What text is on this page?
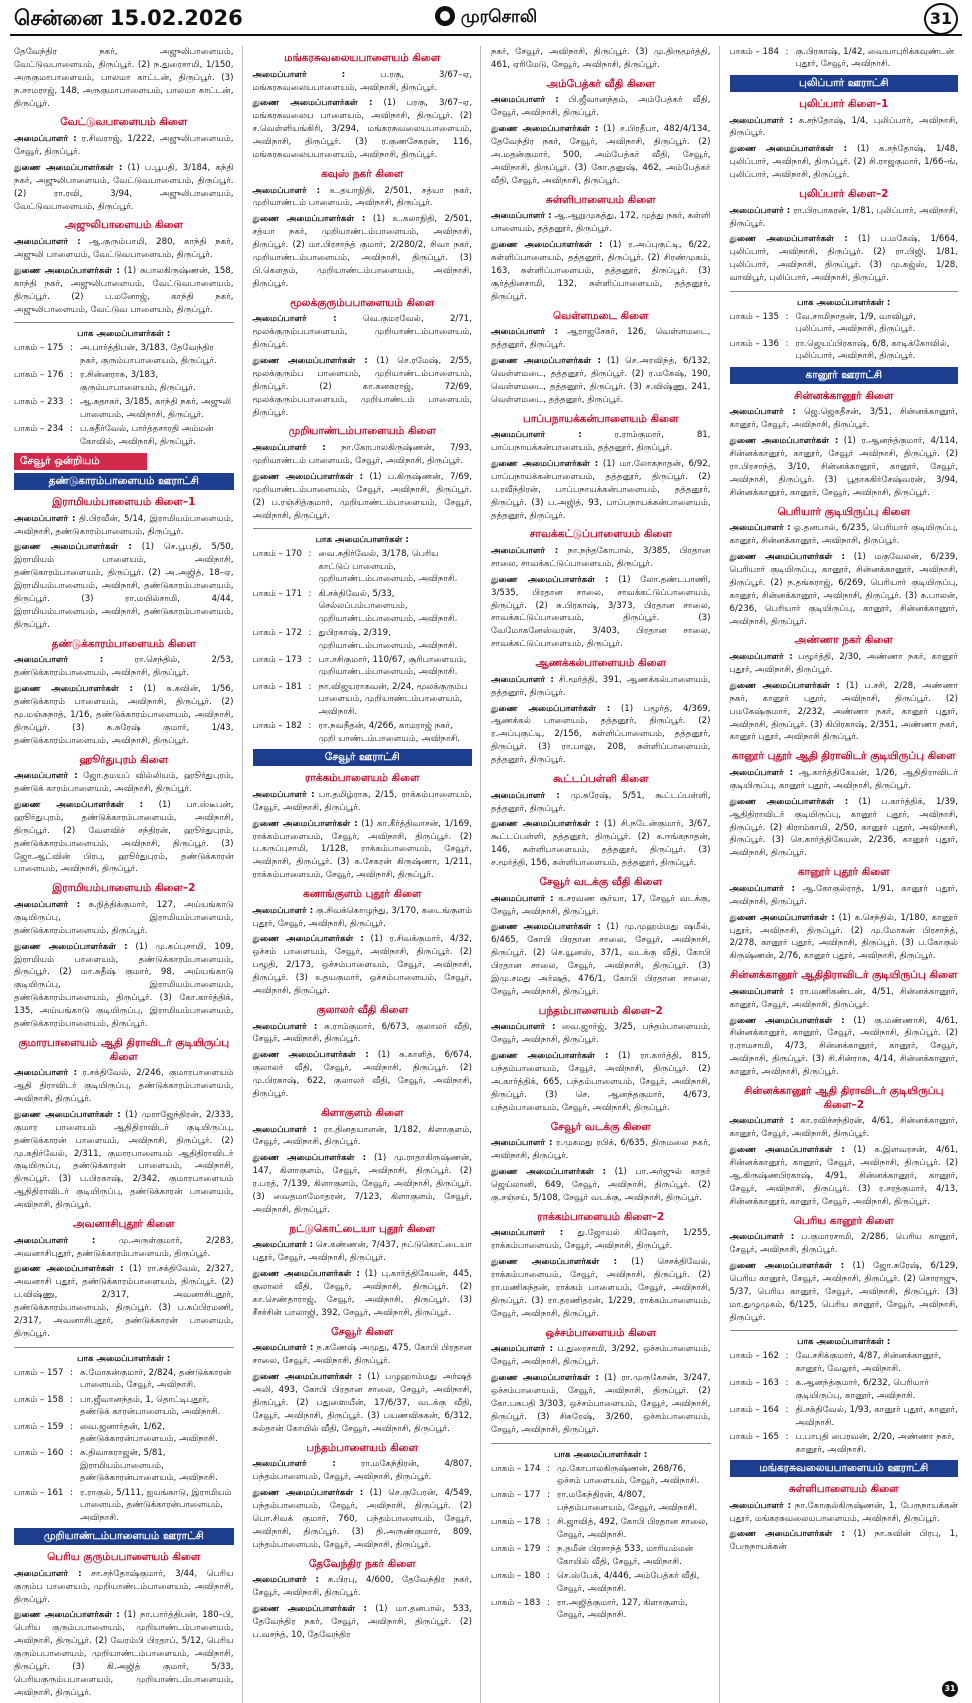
சென்னை 15.02.2026	முரசொலி	31
தேவேந்திர நகர், அஜுலிபாளையம், வேட்டுவபாளையம், திருப்பூர். (2) ந.துரைசாமி, 1/150, அருகுமாபாளையம், பாலமா காட்டன், திருப்பூர். (3) ந.சாமராஜ், 148, அருகுமாபாளையம், பாலமா காட்டன், திருப்பூர்.
வேட்டுவபாளையம் கிளை
அமைப்பாளர் : ர.சிவராஜ், 1/222, அஜுலிபாளையம், சேவூர், திருப்பூர்.
துணை அமைப்பாளர்கள் : (1) ப.பூபதி, 3/184, கந்தி நகர், அஜுலிபாளையம், வேட்டுவபாளையம், திருப்பூர். (2) ரா.ரவி, 3/94, அஜுலிபாளையம், வேட்டுவபாளையம், திருப்பூர்.
அஜுலிபாளையம் கிளை
அமைப்பாளர் : ஆ.குரும்பாமி, 280, காந்தி நகர், அஜுலி பாளையம், வேட்டுவபாளையம், திருப்பூர்.
துணை அமைப்பாளர்கள் : (1) சுபாலகிருஷ்ணன், 158, காந்தி நகர், அஜுலிபாளையம், வேட்டுவபாளையம், திருப்பூர். (2) ப.மனோஜ், காந்தி நகர், அஜுலிபாளையம், வேட்டுவ பாளையம், திருப்பூர்.
பாக அமைப்பாளர்கள் :
பாகம் – 175 : அ.பார்த்திபன், 3/183, தேவேந்திர நகர், குரும்பாபாளையம், திருப்பூர்.
பாகம் – 176 : ர.சின்னராசு, 3/183, குரும்பாபாளையம், திருப்பூர்.
பாகம் – 233 : ஆ.சுதாகர், 3/185, காந்தி நகர், அஜுலி பாளையம், அவிநாசி, திருப்பூர்.
பாகம் – 234 : ப.சுதீர்வேல், பார்த்தசாரதி அம்மன் கோவில், அவிநாசி, திருப்பூர்.
சேவூர் ஒன்றியம்
தண்டுகாரம்பாளையம் ஊராட்சி
இராமியம்பாளையம் கிளை–1
அமைப்பாளர் : தி.பிரவீன், 5/14, இராமியம்பாளையம், அவிநாசி, தண்டுகாரம்பாளையம், திருப்பூர்.
துணை அமைப்பாளர்கள் : (1) செ.பூபதி, 5/50, இராமியம் பாளையம், அவிநாசி, தண்டுகாரம்பாளையம், திருப்பூர். (2) அ.அஜித், 18–ஏ, இராமியம்பாளையம், அவிநாசி, தண்டுகாரம்பாளையம், திருப்பூர். (3) ரா.மயில்சாமி, 4/44, இராமியம்பாளையம், அவிநாசி, தண்டுகாரம்பாளையம், திருப்பூர்.
தண்டுக்காரம்பாளையம் கிளை
அமைப்பாளர் : ரா.செந்தில், 2/53, தண்டுக்காரம்பாளையம், அவிநாசி, திருப்பூர்.
துணை அமைப்பாளர்கள் : (1) சு.கவின், 1/56, தண்டுக்காரம் பாளையம், அவிநாசி, திருப்பூர். (2) மூ.மஞ்சுநாத், 1/16, தண்டுக்காரம்பாளையம், அவிநாசி, திருப்பூர். (3) சு.சுரேஷ் குமார், 1/43, தண்டுக்காரம்பாளையம், அவிநாசி, திருப்பூர்.
ஹூர்துபுரம் கிளை
அமைப்பாளர் : ஜோ.தமயப் வில்லியம், ஹூர்துபுரம், தண்டுக் காரம்பாளையம், அவிநாசி, திருப்பூர்.
துணை அமைப்பாளர்கள் : (1) பா.ஸ்டீபன், ஹூர்துபுரம், தண்டுக்காரம்பாளையம், அவிநாசி, திருப்பூர். (2) வேளவிச் சந்திரன், ஹூர்துபுரம், தண்டுக்காரம்பாளையம், அவிநாசி, திருப்பூர். (3) ஜோ.ஆட்வின் பிரபு, ஹூர்துபுரம், தண்டுக்காரன் பாளையம், அவிநாசி, திருப்பூர்.
இராமியம்பாளையம் கிளை–2
அமைப்பாளர் : சு.நித்திக்குமார், 127, அய்யங்காடு குடியிருப்பு, இராமியம்பாளையம், தண்டுக்காரம்பாளையம், திருப்பூர்.
துணை அமைப்பாளர்கள் : (1) மு.சுப்புசாமி, 109, இராமியம் பாளையம், தண்டுக்காரம்பாளையம், திருப்பூர். (2) மா.சுதீஷ் குமார், 98, அய்யங்காடு குடியிருப்பு, இராமியம்பாளையம், தண்டுக்காரம்பாளையம், திருப்பூர். (3) கோ.கார்த்திக், 135, அய்யங்காடு குடியிருப்பு, இராமியம்பாளையம், தண்டுக்காரம்பாளையம், திருப்பூர்.
குமாரபாளையம் ஆதி திராவிடர் குடியிருப்பு கிளை
அமைப்பாளர் : ர.சக்திவேல், 2/246, குமாரபாளையம் ஆதி திராவிடர் குடியிருப்பு, தண்டுக்காரம்பாளையம், அவிநாசி, திருப்பூர்.
துணை அமைப்பாளர்கள் : (1) முராஜேந்திரன், 2/333, குமார பாளையம் ஆதிதிராவிடர் குடியிருப்பு, தண்டுக்காரன் பாளையம், அவிநாசி, திருப்பூர். (2) மு.கதிர்வேல், 2/311, குமாரபாளையம் ஆதிதிராவிடர் குடியிருப்பு, தண்டுக்காரன் பாளையம், அவிநாசி, திருப்பூர். (3) ப.பிரகாஷ், 2/342, குமாரபாளையம் ஆதிதிராவிடர் குடியிருப்பு, தண்டுக்காரன் பாளையம், அவிநாசி, திருப்பூர்.
அவனாசிபுதூர் கிளை
அமைப்பாளர் : மு.அருள்குமார், 2/283, அவனாசிபுதூர், தண்டுக்காரம்பாளையம், திருப்பூர்.
துணை அமைப்பாளர்கள் : (1) ரா.சக்திவேல், 2/327, அவனாசி புதூர், தண்டுக்காரம்பாளையம், திருப்பூர். (2) ப.விஷ்ணு, 2/317, அவனாசிபுதூர், தண்டுக்காரம்பாளையம், திருப்பூர். (3) ப.சுப்பிரமணி, 2/317, அவனாசிபுதூர், தண்டுக்காரன் பாளையம், திருப்பூர்.
பாக அமைப்பாளர்கள் :
பாகம் – 157 : சு.மோகன்குமார், 2/824, தண்டுக்காரன் பாளையம், சேவூர், அவிநாசி.
பாகம் – 158 : பா.ஜீவானந்தம், 1, தொட்டிபுதூர், தண்டுக் காரன்பாளையம், அவிநாசி.
பாகம் – 159 : வை.ஜனார்தன், 1/62, தண்டுக்காரன்பாளையம், அவிநாசி.
பாகம் – 160 : சு.திவாகராஜன், 5/81, இராமியம்பாளையம், தண்டுக்காரன்பாளையம், அவிநாசி.
பாகம் – 161 : ர.ராகுல், 5/111, ஐயங்காடு, இராமியம் பாளையம், தண்டுக்காரன்பாளையம், அவிநாசி.
முறியாண்டம்பாளையம் ஊராட்சி
பெரிய குரும்பபாளையம் கிளை
அமைப்பாளர் : சா.சந்தோஷ்குமார், 3/44, பெரிய குரும்ப பாளையம், முறியாண்டம்பாளையம், அவிநாசி, திருப்பூர்.
துணை அமைப்பாளர்கள் : (1) நா.பார்த்திபன், 180–பி, பெரிய குரும்பபாளையம், முறியாண்டம்பாளையம், அவிநாசி, திருப்பூர். (2) வேரம்பி பிரதாப், 5/12, பெரிய குரும்பபாளையம், முறியாண்டம்பாளையம், அவிநாசி, திருப்பூர். (3) கி.அஜித் குமார், 5/33, பெரியகுரும்பபாளையம், முறியாண்டம்பாளையம், அவிநாசி, திருப்பூர்.
மங்கரசுவலையபாளையம் கிளை
அமைப்பாளர் : ப.ரகு, 3/67–ஏ, மங்கரசுவலையபாளையம், அவிநாசி, திருப்பூர்.
துணை அமைப்பாளர்கள் : (1) பரகு, 3/67–ஏ, மங்கரசுவலைய பாளையம், அவிநாசி, திருப்பூர். (2) ச.வெள்ளியங்கிரி, 3/294, மங்கரசுவலையபாளையம், அவிநாசி, திருப்பூர். (3) ர.குணசேகரன், 116, மங்கரசுவலையபாளையம், அவிநாசி, திருப்பூர்.
கவுஸ் நகர் கிளை
அமைப்பாளர் : உ.தயாநிதி, 2/501, சத்யா நகர், முறியாண்டம் பாளையம், அவிநாசி, திருப்பூர்.
துணை அமைப்பாளர்கள் : (1) உ.கலாநிதி, 2/501, சத்யா நகர், முறியாண்டம்பாளையம், அவிநாசி, திருப்பூர். (2) மா.பிரசாந்த் குமார், 2/280/2, சிவா நகர், முறியாண்டம்பாளையம், அவிநாசி, திருப்பூர். (3) பி.கௌதம், முறியாண்டம்பாளையம், அவிநாசி, திருப்பூர்.
மூலக்குரும்பபாளையம் கிளை
அமைப்பாளர் : வெ.குமரவேல், 2/71, மூலக்குரும்பபாளையம், முறியாண்டம்பாளையம், திருப்பூர்.
துணை அமைப்பாளர்கள் : (1) செ.ரமேஷ், 2/55, மூலக்குரும்ப பாளையம், முறியாண்டம்பாளையம், திருப்பூர். (2) கா.கனகராஜ், 72/69, மூலக்குரும்பபாளையம், முறியாண்டம் பாளையம், திருப்பூர்.
முறியாண்டம்பாளையம் கிளை
அமைப்பாளர் : நா.கோபாலகிருஷ்ணன், 7/93, முறியாண்டம் பாளையம், சேவூர், அவிநாசி, திருப்பூர்.
துணை அமைப்பாளர்கள் : (1) ப.கிருஷ்ணன், 7/69, முறியாண்டம்பாளையம், சேவூர், அவிநாசி, திருப்பூர். (2) ப.ரஞ்சித்குமார், முறியாண்டம்பாளையம், சேவூர், அவிநாசி, திருப்பூர்.
பாக அமைப்பாளர்கள் :
பாகம் – 170 : வை.சுதிர்வேல், 3/178, பெரிய காட்டுப் பாளையம், முறியாண்டம்பாளையம், அவிநாசி.
பாகம் – 171 : கி.சக்திவேல், 5/33, செல்லப்பம்பாளையம், முறியாண்டம்பாளையம், அவிநாசி.
பாகம் – 172 : துபிரகாஷ், 2/319, முறியாண்டம்பாளையம், அவிநாசி.
பாகம் – 173 : பா.சசிகுமார், 110/67, சூரிபாளையம், முறியாண்டம்பாளையம், அவிநாசி.
பாகம் – 181 : நா.விஜயராகவன், 2/24, மூலக்குரும்ப பாளையம், முறியாண்டம்பாளையம், அவிநாசி.
பாகம் – 182 : ரா.நவநீதன், 4/266, காமராஜ் நகர், முறி யாண்டம்பாளையம், அவிநாசி.
சேவூர் ஊராட்சி
ராக்கம்பாளையம் கிளை
அமைப்பாளர் : பா.தமிழ்ராசு, 2/15, ராக்கம்பாளையம், சேவூர், அவிநாசி, திருப்பூர்.
துணை அமைப்பாளர்கள் : (1) கா.கீர்த்திவாசன், 1/169, ராக்கம்பாளையம், சேவூர், அவிநாசி, திருப்பூர். (2) ப.கருப்புசாமி, 1/128, ராக்கம்பாளையம், சேவூர், அவிநாசி, திருப்பூர். (3) க.சேகரன் கிருஷ்ணா, 1/211, ராக்கம்பாளையம், சேவூர், அவிநாசி, திருப்பூர்.
கனாங்குளம் புதூர் கிளை
அமைப்பாளர் : கு.சிவக்கொழுந்து, 3/170, கடைங்குளம் புதூர், சேவூர், அவிநாசி, திருப்பூர்.
துணை அமைப்பாளர்கள் : (1) ர.சிவக்குமார், 4/32, ஒச்சம் பாளையம், சேவூர், அவிநாசி, திருப்பூர். (2) பழூதி, 2/173, ஒச்சம்பாளையம், சேவூர், அவிநாசி, திருப்பூர். (3) உதயகுமார், ஒச்சம்பாளையம், சேவூர், அவிநாசி, திருப்பூர்.
குலாலர் வீதி கிளை
அமைப்பாளர் : சு.ராம்குமார், 6/673, குலாலர் வீதி, சேவூர், அவிநாசி, திருப்பூர்.
துணை அமைப்பாளர்கள் : (1) சு.காளித், 6/674, குலாலர் வீதி, சேவூர், அவிநாசி, திருப்பூர். (2) மு.பிரகாஷ், 622, குலாலர் வீதி, சேவூர், அவிநாசி, திருப்பூர்.
கிளாகுளம் கிளை
அமைப்பாளர் : ரா.தினதயாளன், 1/182, கிளாகுளம், சேவூர், அவிநாசி, திருப்பூர்.
துணை அமைப்பாளர்கள் : (1) மு.ராதாகிருஷ்ணன், 147, கிளாகுளம், சேவூர், அவிநாசி, திருப்பூர். (2) ர.பரத், 7/139, கிளாகுளம், சேவூர், அவிநாசி, திருப்பூர். (3) வைதமாமோதரன், 7/123, கிளாகுளம், சேவூர், அவிநாசி, திருப்பூர்.
நட்டுகொட்டையா புதூர் கிளை
அமைப்பாளர் : செ.கண்ணன், 7/437, நட்டுகொட்டையா புதூர், சேவூர், அவிநாசி, திருப்பூர்.
துணை அமைப்பாளர்கள் : (1) பு.கார்த்திகேயன், 445, குலாலர் வீதி, சேவூர், அவிநாசி, திருப்பூர். (2) கா.செண்தாராஜ், சேவூர், அவிநாசி, திருப்பூர். (3) சீசச்சின் பாலாஜி, 392, சேவூர், அவிநாசி, திருப்பூர்.
சேவூர் கிளை
அமைப்பாளர் : ந.கணேஷ் அமுது, 475, கோபி பிரதான சாலை, சேவூர், அவிநாசி, திருப்பூர்.
துணை அமைப்பாளர்கள் : (1) பழுஹாம்மது அர்ஷத் அலி, 493, கோபி பிரதான சாலை, சேவூர், அவிநாசி, திருப்பூர். (2) பதுஸையீன், 17/6/37, வடக்கு வீதி, சேவூர், அவிநாசி, திருப்பூர். (3) பயணவிசுகன், 6/312, சுல்தான் கோயில் வீதி, சேவூர், அவிநாசி, திருப்பூர்.
பந்தம்பாளையம் கிளை
அமைப்பாளர் : ரா.மகேந்திரன், 4/807, பந்தம்பாளையம், சேவூர், அவிநாசி, திருப்பூர்.
துணை அமைப்பாளர்கள் : (1) செ.குபேரன், 4/549, பந்தம்பாளையம், சேவூர், அவிநாசி, திருப்பூர். (2) பொ.சிவக் குமார், 760, பந்தம்பாளையம், சேவூர், அவிநாசி, திருப்பூர். (3) தி.அருண்குமார், 809, பந்தம்பாளையம், சேவூர், அவிநாசி, திருப்பூர்.
தேவேந்திர நகர் கிளை
அமைப்பாளர் : சு.பிரபு, 4/600, தேவேந்திர நகர், சேவூர், அவிநாசி, திருப்பூர்.
துணை அமைப்பாளர்கள் : (1) மா.தனபால், 533, தேவேந்திர நகர், சேவூர், அவிநாசி, திருப்பூர். (2) ப.வசந்த், 10, தேவேந்திர
நகர், சேவூர், அவிநாசி, திருப்பூர். (3) மு.திருமூர்த்தி, 461, ஏரிமேடு, சேவூர், அவிநாசி, திருப்பூர்.
அம்பேத்கர் வீதி கிளை
அமைப்பாளர் : பி.ஜீவானந்தம், அம்பேத்கர் வீதி, சேவூர், அவிநாசி, திருப்பூர்.
துணை அமைப்பாளர்கள் : (1) ச.பிரதீபா, 482/4/134, தேவேந்திர நகர், சேவூர், அவிநாசி, திருப்பூர். (2) அ.மதன்குமார், 500, அம்பேத்கர் வீதி, சேவூர், அவிநாசி, திருப்பூர். (3) கோ.தனுஷ், 462, அம்பேத்கர் வீதி, சேவூர், அவிநாசி, திருப்பூர்.
சுள்ளிபாளையம் கிளை
அமைப்பாளர் : ஆ.ஆறுமுகத்து, 172, முத்து நகர், சுள்ளி பாளையம், தத்தனூர், திருப்பூர்.
துணை அமைப்பாளர்கள் : (1) ர.அப்புகுட்டி, 6/22, சுள்ளிப்பாளையம், தத்தனூர், திருப்பூர். (2) சிரண்முகம், 163, சுள்ளிப்பாளையம், தத்தனூர், திருப்பூர். (3) சூர்த்தினசாமி, 132, சுள்ளிப்பாளையம், தத்தனூர், திருப்பூர்.
வெள்ளமடை கிளை
அமைப்பாளர் : ஆராஜசேகர், 126, வெள்ளமடை, தத்தனூர், திருப்பூர்.
துணை அமைப்பாளர்கள் : (1) செ.அரவிந்த், 6/132, வெள்ளமடை, தத்தனூர், திருப்பூர். (2) ர.மகேஷ், 190, வெள்ளமடை, தத்தனூர், திருப்பூர். (3) ச.விஷ்ணு, 241, வெள்ளமடை, தத்தனூர், திருப்பூர்.
பாப்பநாயக்கன்பாளையம் கிளை
அமைப்பாளர் : ர.ராம்குமார், 81, பாப்பநாயக்கன்பாளையம், தத்தனூர், திருப்பூர்.
துணை அமைப்பாளர்கள் : (1) மா.லோகநாதன், 6/92, பாப்பநாயக்கன்பாளையம், தத்தனூர், திருப்பூர். (2) ப.ரவீந்திரன், பாப்பநாயக்கன்பாளையம், தத்தனூர், திருப்பூர். (3) ப.அஜித், 93, பாப்பநாயக்கன்பாளையம், தத்தனூர், திருப்பூர்.
சாவக்கட்டுப்பாளையம் கிளை
அமைப்பாளர் : நா.நந்தகோபால், 3/385, பிரதான சாலை, சாவக்கட்டுப்பாளையம், திருப்பூர்.
துணை அமைப்பாளர்கள் : (1) லோ.தண்டபாணி, 3/535, பிரதான சாலை, சாவக்கட்டுப்பாளையம், திருப்பூர். (2) சு.பிரகாஷ், 3/373, பிரதான சாலை, சாவக்கட்டுப்பாளையம், திருப்பூர். (3) வேமோகனேஸ்வரன், 3/403, பிரதான சாலை, சாவக்கட்டுப்பாளையம், திருப்பூர்.
ஆணக்கல்பாளையம் கிளை
அமைப்பாளர் : சி.மூர்த்தி, 391, ஆணக்கல்பாளையம், தத்தனூர், திருப்பூர்.
துணை அமைப்பாளர்கள் : (1) பழூர்த், 4/369, ஆணக்கல் பாளையம், தத்தனூர், திருப்பூர். (2) ர.அப்புகுட்டி, 2/156, சுள்ளிப்பாளையம், தத்தனூர், திருப்பூர். (3) ரா.பாலு, 208, சுள்ளிப்பாளையம், தத்தனூர், திருப்பூர்.
கூட்டப்பள்ளி கிளை
அமைப்பாளர் : மு.சுரேஷ், 5/51, கூட்டப்பள்ளி, தத்தனூர், திருப்பூர்.
துணை அமைப்பாளர்கள் : (1) சி.நடேன்குமார், 3/67, கூட்டப்பள்ளி, தத்தனூர், திருப்பூர். (2) க.ஈங்கநாதன், 146, சுள்ளிபாளையம், தத்தனூர், திருப்பூர். (3) ச.மூர்த்தி, 156, சுள்ளிபாளையம், தத்தனூர், திருப்பூர்.
சேவூர் வடக்கு வீதி கிளை
அமைப்பாளர் : க.சரவண சூர்யா, 17, சேவூர் வடக்கு, சேவூர், அவிநாசி, திருப்பூர்.
துணை அமைப்பாளர்கள் : (1) மு.முஹம்மது ஷமீல், 6/465, கோபி பிரதான சாலை, சேவூர், அவிநாசி, திருப்பூர். (2) செ.யூனஸ், 37/1, வடக்கு வீதி, கோபி பிரதான சாலை, சேவூர், அவிநாசி, திருப்பூர். (3) இமு.சமது அர்ஷத், 476/1, கோபி பிரதான சாலை, சேவூர், அவிநாசி, திருப்பூர்.
பந்தம்பாளையம் கிளை–2
அமைப்பாளர் : வை.ஜார்ஜ், 3/25, பந்தம்பாளையம், சேவூர், அவிநாசி, திருப்பூர்.
துணை அமைப்பாளர்கள் : (1) ரா.கார்த்தி, 815, பந்தம்பாளையம், சேவூர், அவிநாசி, திருப்பூர். (2) அ.கார்த்திக், 665, பந்தம்பாளையம், சேவூர், அவிநாசி, திருப்பூர். (3) செ. ஆனந்தகுமார், 4/673, பந்தம்பாளையம், சேவூர், அவிநாசி, திருப்பூர்.
சேவூர் வடக்கு கிளை
அமைப்பாளர் : ர.முகமது ரபிக், 6/635, திருமலை நகர், அவிநாசி, திருப்பூர்.
துணை அமைப்பாளர்கள் : (1) பா.அர்ஜுல் காதர் ஜெய்லானி, 649, சேவூர், அவிநாசி, திருப்பூர். (2) கு.சஞ்சய், 5/108, சேவூர் வடக்கு, அவிநாசி, திருப்பூர்.
ராக்கம்பாளையம் கிளை–2
அமைப்பாளர் : து.ஜோயல் கிஷோர், 1/255, ராக்கம்பாளையம், சேவூர், அவிநாசி, திருப்பூர்.
துணை அமைப்பாளர்கள் : (1) செசக்திவேல், ராக்கம்பாளையம், சேவூர், அவிநாசி, திருப்பூர். (2) ரா.மணிகந்தன், ராக்கம் பாளையம், சேவூர், அவிநாசி, திருப்பூர். (3) ரா.தரணிதரன், 1/229, ராக்கம்பாளையம், சேவூர், அவிநாசி, திருப்பூர்.
ஒச்சம்பாளையம் கிளை
அமைப்பாளர் : ப.துரைசாமி, 3/292, ஒச்சம்பாளையம், சேவூர், அவிநாசி, திருப்பூர்.
துணை அமைப்பாளர்கள் : (1) ரா.முருகேசன், 3/247, ஒச்சம்பாளையம், சேவூர், அவிநாசி, திருப்பூர். (2) கோ.பசுபதி 3/303, ஒச்சம்பாளையம், சேவூர், அவிநாசி, திருப்பூர். (3) சிசுரேஷ், 3/260, ஒச்சம்பாளையம், சேவூர், அவிநாசி, திருப்பூர்.
பாக அமைப்பாளர்கள் :
பாகம் – 174 : மு.கோபாலகிருஷ்ணன், 268/76, ஒச்சம் பாளையம், சேவூர், அவிநாசி.
பாகம் – 177 : ரா.மகேந்திரன், 4/807, பந்தம்பாளையம், சேவூர், அவிநாசி.
பாகம் – 178 : சி.ஜாவித், 492, கோபி பிரதான சாலை, சேவூர், அவிநாசி.
பாகம் – 179 : ந.தமீன் பிரசாந்த் 533, மாரியம்மன் கோயில் வீதி, சேவூர், அவிநாசி.
பாகம் – 180 : செ.ஸ்பேக், 4/446, அம்பேத்கர் வீதி, சேவூர், அவிநாசி.
பாகம் – 183 : ரா.அஜித்குமார், 127, கிளாகுளம், சேவூர், அவிநாசி.
பாகம் – 184 : கு.பிரகாஷ், 1/42, வையாபுரிக்கவுண்டன் புதூர், சேவூர், அவிநாசி.
புலிப்பார் ஊராட்சி
புலிப்பார் கிளை–1
அமைப்பாளர் : க.சந்தோஷ், 1/4, புலிப்பார், அவிநாசி, திருப்பூர்.
துணை அமைப்பாளர்கள் : (1) க.சந்தோஷ், 1/48, புலிப்பார், அவிநாசி, திருப்பூர். (2) சி.ராஜகுமார், 1/66–ங், புலிப்பார், அவிநாசி, திருப்பூர்.
புலிப்பார் கிளை–2
அமைப்பாளர் : ரா.பிரபாகரன், 1/81, புலிப்பார், அவிநாசி, திருப்பூர்.
துணை அமைப்பாளர்கள் : (1) ப.மகேஷ், 1/664, புலிப்பார், அவிநாசி, திருப்பூர். (2) ரா.பிஜி, 1/81, புலிப்பார், அவிநாசி, திருப்பூர். (3) மு.கஜ்ஸ், 1/28, வாவிபூர், புலிப்பார், அவிநாசி, திருப்பூர்.
பாக அமைப்பாளர்கள் :
பாகம் – 135 : வே.சாமிநாதன், 1/9, வாவிபூர், புலிப்பார், அவிநாசி, திருப்பூர்.
பாகம் – 136 : ரா.ஜெயப்பிரகாஷ், 6/8, காடிக்கோவில், புலிப்பார், அவிநாசி, திருப்பூர்.
கானூர் ஊராட்சி
சின்னக்கானூர் கிளை
அமைப்பாளர் : ஜெ.ஜெகதீசன், 3/51, சின்னக்கானூர், கானூர், சேவூர், அவிநாசி, திருப்பூர்.
துணை அமைப்பாளர்கள் : (1) ர.ஆனந்த்குமார், 4/114, சின்னக்கானூர், கானூர், சேவூர் அவிநாசி, திருப்பூர். (2) ரா.பிரசாந்த், 3/10, சின்னக்கானூர், கானூர், சேவூர், அவிநாசி, திருப்பூர். (3) பூதாசுகிர்சேஷ்வரன், 3/94, சின்னக்கானூர், கானூர், சேவூர், அவிநாசி, திருப்பூர்.
பெரியார் குடியிருப்பு கிளை
அமைப்பாளர் : ஓ.தனபால், 6/235, பெரியார் குடியிருப்பு, கானூர், சின்னக்கானூர், அவிநாசி, திருப்பூர்.
துணை அமைப்பாளர்கள் : (1) மகுவேலன், 6/239, பெரியார் குடியிருப்பு, கானூர், சின்னக்கானூர், அவிநாசி, திருப்பூர். (2) ந.தங்கராஜ், 6/269, பெரியார் குடியிருப்பு, கானூர், சின்னக்கானூர், அவிநாசி, திருப்பூர். (3) சு.பாலன், 6/236, பெரியார் குடியிருப்பு, கானூர், சின்னக்கானூர், அவிநாசி, திருப்பூர்.
அண்ணா நகர் கிளை
அமைப்பாளர் : பழூர்த்தி, 2/30, அண்ணா நகர், கானூர் புதூர், அவிநாசி, திருப்பூர்.
துணை அமைப்பாளர்கள் : (1) ப.சசி, 2/28, அண்ணா நகர், கானூர் புதூர், அவிநாசி, திருப்பூர். (2) பமகேஷ்குமார், 2/232, அண்ணா நகர், கானூர் புதூர், அவிநாசி, திருப்பூர். (3) கிபிரகாஷ், 2/351, அண்ணா நகர், கானூர் புதூர், அவிநாசி திருப்பூர்.
கானூர் புதூர் ஆதி திராவிடர் குடியிருப்பு கிளை
அமைப்பாளர் : ஆ.கார்த்திகேயன், 1/26, ஆதிதிராவிடர் குடியிருப்பு, கானூர் புதூர், அவிநாசி, திருப்பூர்.
துணை அமைப்பாளர்கள் : (1) ப.கார்த்திக், 1/39, ஆதிதிராவிடர் குடியிருப்பு, கானூர் புதூர், அவிநாசி, திருப்பூர். (2) கிராம்காமி, 2/50, கானூர் புதூர், அவிநாசி, திருப்பூர். (3) செ.கார்த்திகேயன், 2/236, கானூர் புதூர், அவிநாசி, திருப்பூர்.
கானூர் புதூர் கிளை
அமைப்பாளர் : ஆ.கோகுல்ராத், 1/91, கானூர் புதூர், அவிநாசி, திருப்பூர்.
துணை அமைப்பாளர்கள் : (1) க.செந்தில், 1/180, கானூர் புதூர், அவிநாசி, திருப்பூர். (2) மு.மோகன் பிரசாந்த், 2/278, கானூர் புதூர், அவிநாசி, திருப்பூர். (3) ப.கோகுல் கிருஷ்ணன், 2/76, கானூர் புதூர், அவிநாசி, திருப்பூர்.
சின்னக்கானூர் ஆதிதிராவிடர் குடியிருப்பு கிளை
அமைப்பாளர் : ரா.மணிகண்டன், 4/51, சின்னக்கானூர், கானூர், சேவூர், அவிநாசி, திருப்பூர்.
துணை அமைப்பாளர்கள் : (1) கு.மண்ணாசி, 4/61, சின்னக்கானூர், கானூர், சேவூர், அவிநாசி, திருப்பூர். (2) ர.ராமசாமி, 4/73, சின்னக்கானூர், கானூர், சேவூர், அவிநாசி, திருப்பூர். (3) சி.சின்ராசு, 4/14, சின்னக்கானூர், கானூர், அவிநாசி, திருப்பூர்.
சின்னக்கானூர் ஆதி திராவிடர் குடியிருப்பு கிளை–2
அமைப்பாளர் : கா.ரவிச்சந்திரன், 4/61, சின்னக்கானூர், கானூர், சேவூர், அவிநாசி, திருப்பூர்.
துணை அமைப்பாளர்கள் : (1) க.இளவரசன், 4/61, சின்னக்கானூர், கானூர், சேவூர், அவிநாசி, திருப்பூர். (2) ஆ.கிருஷ்ணபிரகாஷ், 4/91, சின்னக்கானூர், கானூர், சேவூர், அவிநாசி, திருப்பூர். (3) ர.சரத்குமார், 4/13, சின்னக்கானூர், கானூர், சேவூர், அவிநாசி, திருப்பூர்.
பெரிய கானூர் கிளை
அமைப்பாளர் : ப.குமாரசாமி, 2/286, பெரிய கானூர், சேவூர், அவிநாசி, திருப்பூர்.
துணை அமைப்பாளர்கள் : (1) ஜோ.சுரேஷ், 6/129, பெரிய கானூர், சேவூர், அவிநாசி, திருப்பூர். (2) சொராஜு, 5/37, பெரிய கானூர், சேவூர், அவிநாசி, திருப்பூர். (3) மா.துழுமுகம், 6/125, பெரிய கானூர், சேவூர், அவிநாசி, திருப்பூர்.
பாக அமைப்பாளர்கள் :
பாகம் – 162 : வே.சசிக்குமார், 4/87, சின்னக்கானூர், கானூர், வேலூர், அவிநாசி.
பாகம் – 163 : க.ஆனந்த்குமார், 6/232, பெரியார் குடியிருப்பு, கானூர், அவிநாசி.
பாகம் – 164 : தி.சக்திவேல், 1/93, கானூர் புதூர், கானூர், அவிநாசி.
பாகம் – 165 : ப.பாபுதி பைரவன், 2/20, அண்ணா நகர், கானூர், அவிநாசி.
மங்கரசுவலையபாளையம் ஊராட்சி
சுள்ளிபாளையம் கிளை
அமைப்பாளர் : நா.கோகுல்கிருஷ்ணன், 1, பேருநாயக்கன் புதூர், மங்கரசுவலையபாளையம், அவிநாசி, திருப்பூர்.
துணை அமைப்பாளர்கள் : (1) நா.கவின் பிரபு, 1, பேருநாயக்கன்
31
